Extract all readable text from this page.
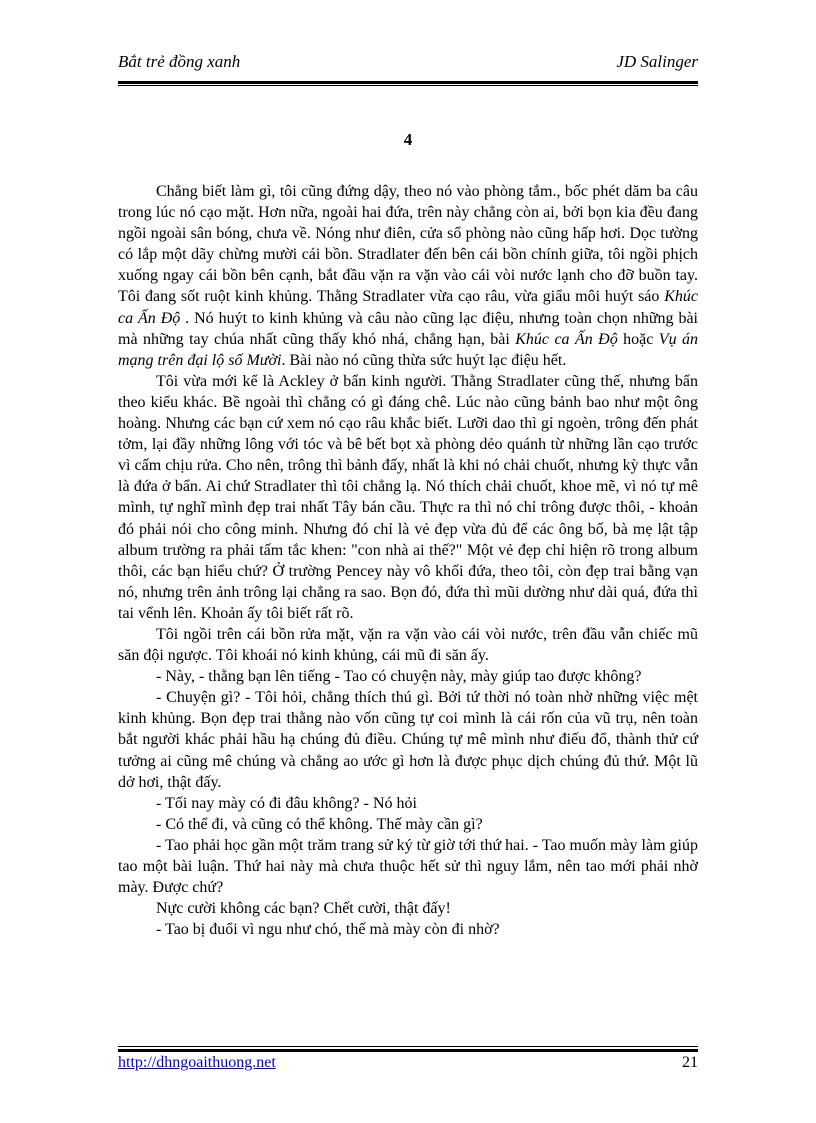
Bắt trẻ đồng xanh	JD Salinger
4

Chẳng biết làm gì, tôi cũng đứng dậy, theo nó vào phòng tắm., bốc phét dăm ba câu trong lúc nó cạo mặt. Hơn nữa, ngoài hai đứa, trên này chẳng còn ai, bởi bọn kia đều đang ngồi ngoài sân bóng, chưa về. Nóng như điên, cửa sổ phòng nào cũng hấp hơi. Dọc tường có lắp một dãy chừng mười cái bồn. Stradlater đến bên cái bồn chính giữa, tôi ngồi phịch xuống ngay cái bồn bên cạnh, bắt đầu vặn ra vặn vào cái vòi nước lạnh cho đỡ buồn tay. Tôi đang sốt ruột kinh khủng. Thằng Stradlater vừa cạo râu, vừa giẩu môi huýt sáo Khúc ca Ấn Độ . Nó huýt to kinh khủng và câu nào cũng lạc điệu, nhưng toàn chọn những bài mà những tay chúa nhất cũng thấy khó nhá, chẳng hạn, bài Khúc ca Ấn Độ hoặc Vụ án mạng trên đại lộ số Mười. Bài nào nó cũng thừa sức huýt lạc điệu hết.

Tôi vừa mới kể là Ackley ở bẩn kinh người. Thằng Stradlater cũng thế, nhưng bẩn theo kiểu khác. Bề ngoài thì chẳng có gì đáng chê. Lúc nào cũng bảnh bao như một ông hoàng. Nhưng các bạn cứ xem nó cạo râu khắc biết. Lưỡi dao thì gỉ ngoèn, trông đến phát tởm, lại đầy những lông với tóc và bê bết bọt xà phòng dẻo quánh từ những lần cạo trước vì cấm chịu rửa. Cho nên, trông thì bảnh đấy, nhất là khi nó chải chuốt, nhưng kỳ thực vẫn là đứa ở bẩn. Ai chứ Stradlater thì tôi chẳng lạ. Nó thích chải chuốt, khoe mẽ, vì nó tự mê mình, tự nghĩ mình đẹp trai nhất Tây bán cầu. Thực ra thì nó chỉ trông được thôi, - khoản đó phải nói cho công minh. Nhưng đó chỉ là vẻ đẹp vừa đủ để các ông bố, bà mẹ lật tập album trường ra phải tấm tắc khen: "con nhà ai thế?" Một vẻ đẹp chỉ hiện rõ trong album thôi, các bạn hiểu chứ? Ở trường Pencey này vô khối đứa, theo tôi, còn đẹp trai bằng vạn nó, nhưng trên ảnh trông lại chẳng ra sao. Bọn đó, đứa thì mũi dường như dài quá, đứa thì tai vểnh lên. Khoản ấy tôi biết rất rõ.

Tôi ngồi trên cái bồn rửa mặt, vặn ra vặn vào cái vòi nước, trên đầu vẫn chiếc mũ săn đội ngược. Tôi khoái nó kinh khủng, cái mũ đi săn ấy.

- Này, - thằng bạn lên tiếng - Tao có chuyện này, mày giúp tao được không?

- Chuyện gì? - Tôi hỏi, chẳng thích thú gì. Bởi tứ thời nó toàn nhờ những việc mệt kinh khủng. Bọn đẹp trai thằng nào vốn cũng tự coi mình là cái rốn của vũ trụ, nên toàn bắt người khác phải hầu hạ chúng đủ điều. Chúng tự mê mình như điếu đổ, thành thử cứ tưởng ai cũng mê chúng và chẳng ao ước gì hơn là được phục dịch chúng đủ thứ. Một lũ dở hơi, thật đấy.

- Tối nay mày có đi đâu không? - Nó hỏi

- Có thể đi, và cũng có thể không. Thế mày cần gì?

- Tao phải học gần một trăm trang sử ký từ giờ tới thứ hai. - Tao muốn mày làm giúp tao một bài luận. Thứ hai này mà chưa thuộc hết sử thì nguy lắm, nên tao mới phải nhờ mày. Được chứ?

Nực cười không các bạn? Chết cười, thật đấy!

- Tao bị đuổi vì ngu như chó, thế mà mày còn đi nhờ?

http://dhngoaithuong.net	21
